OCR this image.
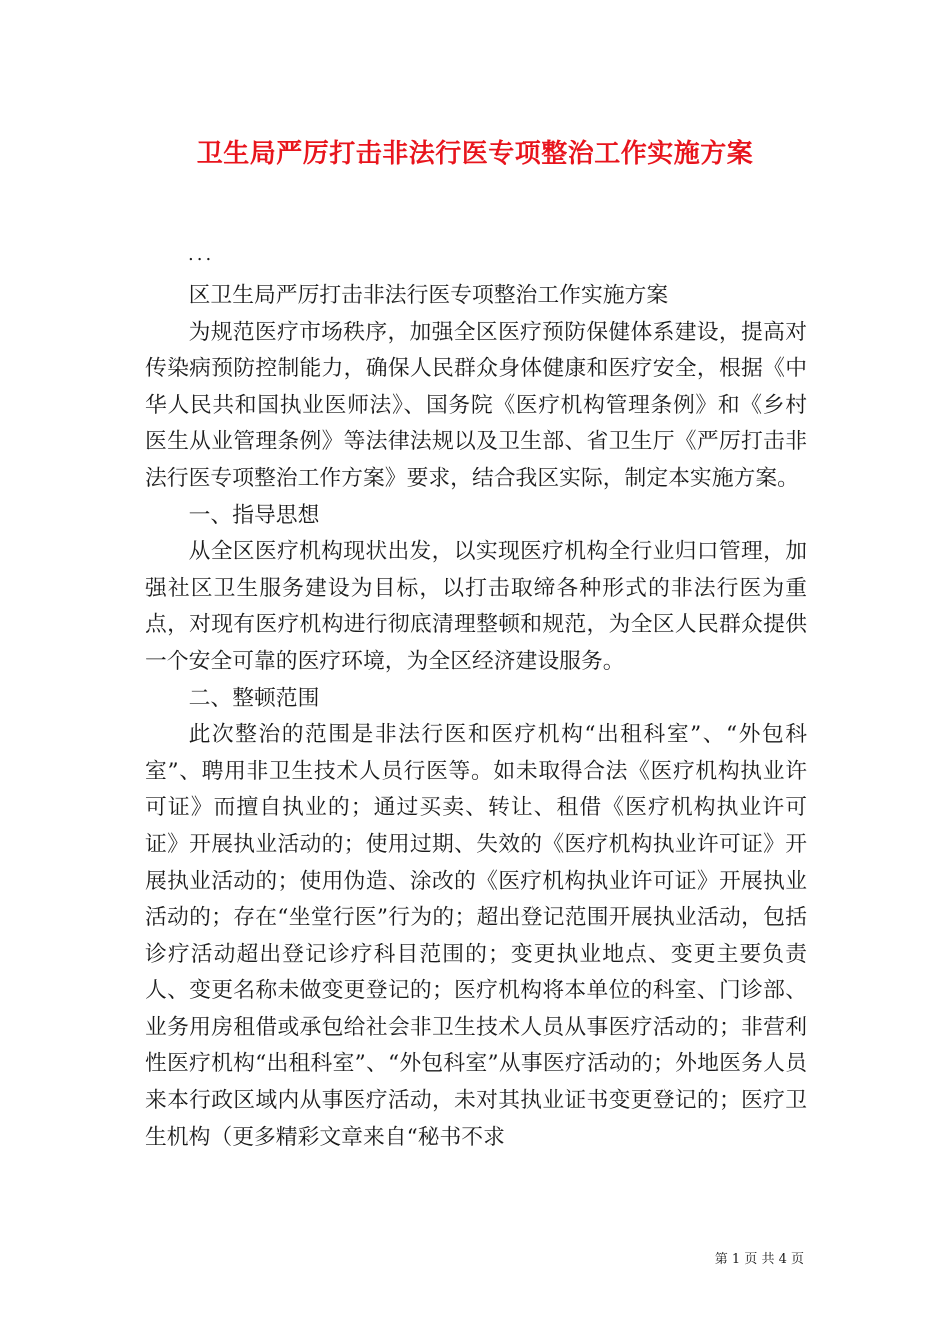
卫生局严厉打击非法行医专项整治工作实施方案
...

区卫生局严厉打击非法行医专项整治工作实施方案

为规范医疗市场秩序，加强全区医疗预防保健体系建设，提高对传染病预防控制能力，确保人民群众身体健康和医疗安全，根据《中华人民共和国执业医师法》、国务院《医疗机构管理条例》和《乡村医生从业管理条例》等法律法规以及卫生部、省卫生厅《严厉打击非法行医专项整治工作方案》要求，结合我区实际，制定本实施方案。

一、指导思想

从全区医疗机构现状出发，以实现医疗机构全行业归口管理，加强社区卫生服务建设为目标，以打击取缔各种形式的非法行医为重点，对现有医疗机构进行彻底清理整顿和规范，为全区人民群众提供一个安全可靠的医疗环境，为全区经济建设服务。

二、整顿范围

此次整治的范围是非法行医和医疗机构“出租科室”、“外包科室”、聘用非卫生技术人员行医等。如未取得合法《医疗机构执业许可证》而擅自执业的；通过买卖、转让、租借《医疗机构执业许可证》开展执业活动的；使用过期、失效的《医疗机构执业许可证》开展执业活动的；使用伪造、涂改的《医疗机构执业许可证》开展执业活动的；存在“坐堂行医”行为的；超出登记范围开展执业活动，包括诊疗活动超出登记诊疗科目范围的；变更执业地点、变更主要负责人、变更名称未做变更登记的；医疗机构将本单位的科室、门诊部、业务用房租借或承包给社会非卫生技术人员从事医疗活动的；非营利性医疗机构“出租科室”、“外包科室”从事医疗活动的；外地医务人员来本行政区域内从事医疗活动，未对其执业证书变更登记的；医疗卫生机构（更多精彩文章来自“秘书不求

第 1 页 共 4 页
